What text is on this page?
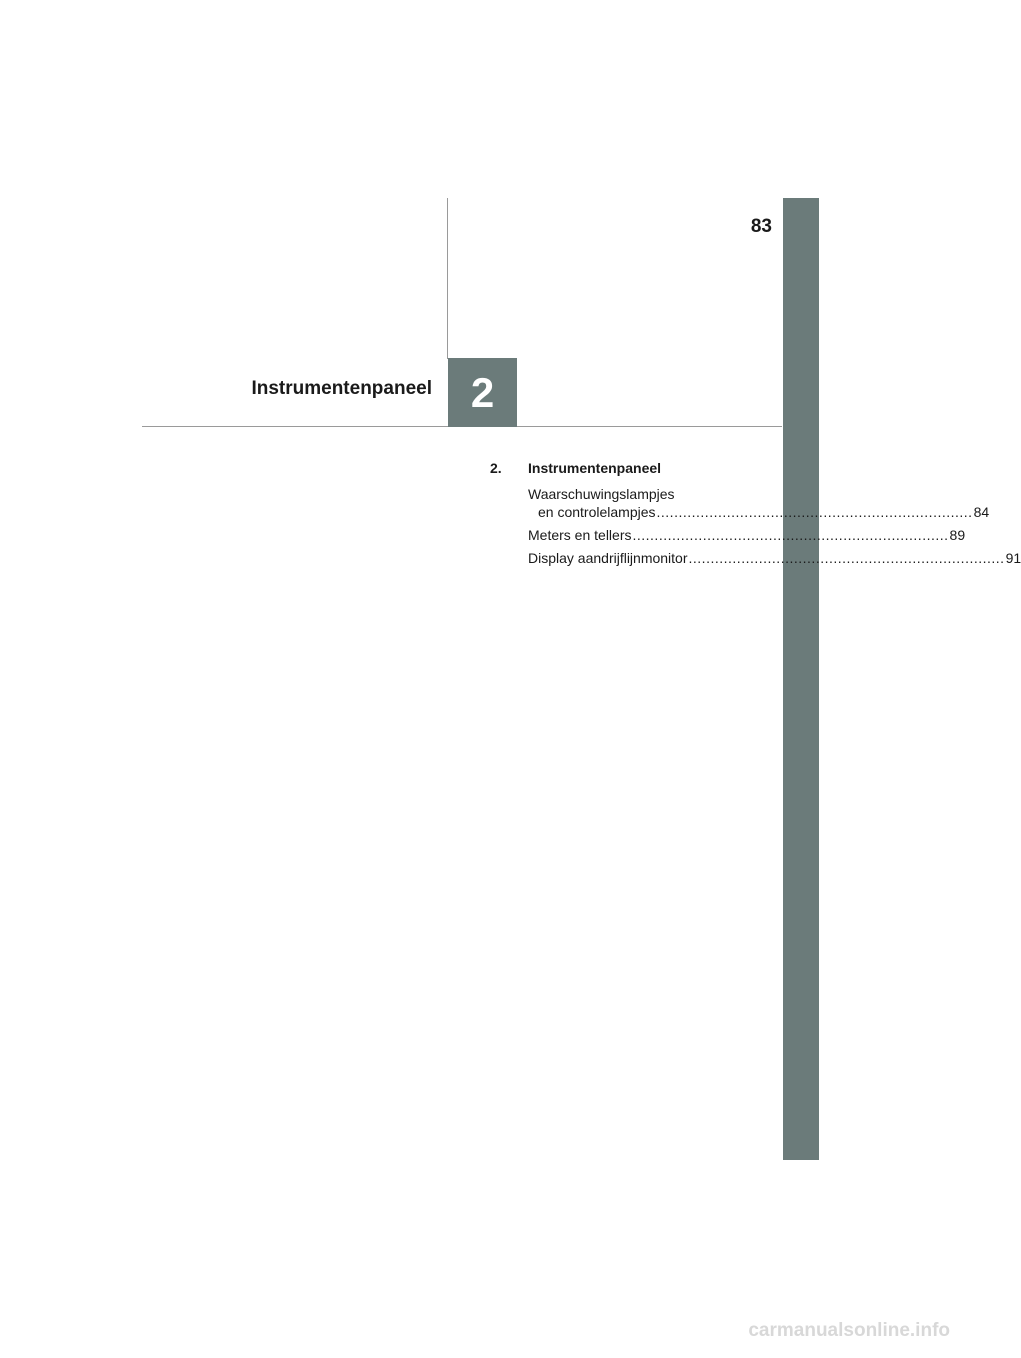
83
Instrumentenpaneel 2
2.	Instrumentenpaneel
Waarschuwingslampjes
en controlelampjes ........................................................................ 84
Meters en tellers ........................................................................ 89
Display aandrijflijnmonitor ........................................................................ 91
carmanualsonline.info
